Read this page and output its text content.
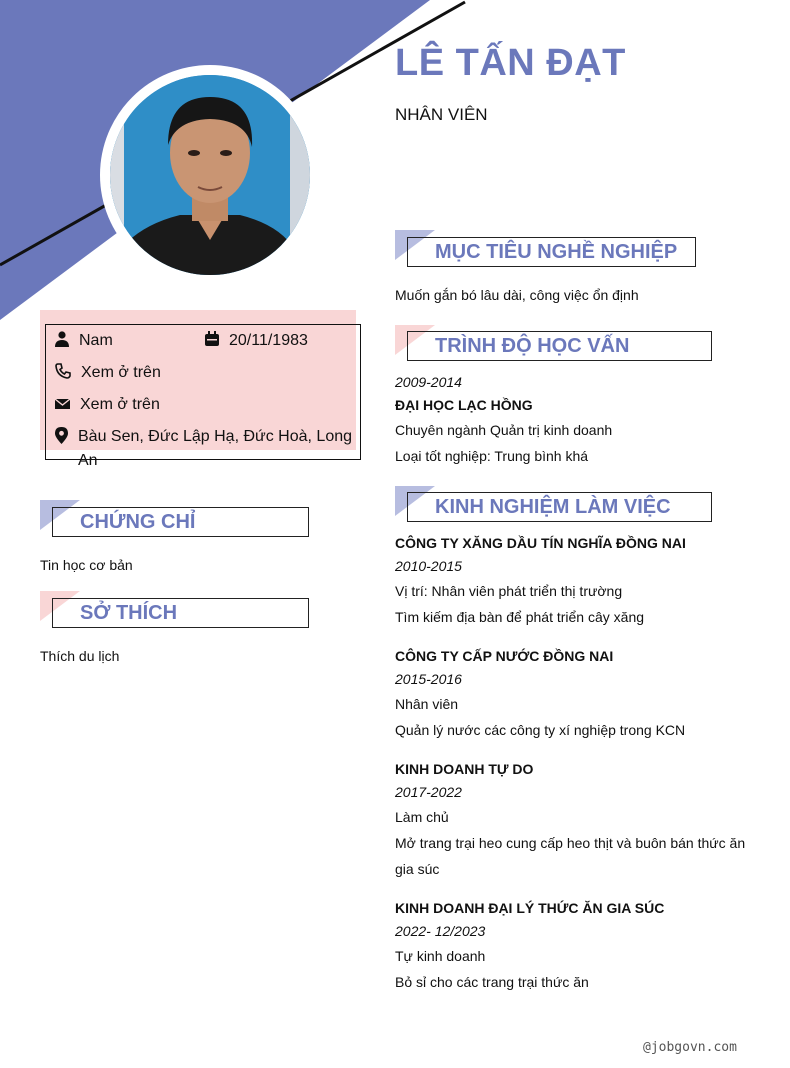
LÊ TẤN ĐẠT
NHÂN VIÊN
Nam	20/11/1983
Xem ở trên
Xem ở trên
Bàu Sen, Đức Lập Hạ, Đức Hoà, Long
An
CHỨNG CHỈ
Tin học cơ bản
SỞ THÍCH
Thích du lịch
MỤC TIÊU NGHỀ NGHIỆP
Muốn gắn bó lâu dài, công việc ổn định
TRÌNH ĐỘ HỌC VẤN
2009-2014
ĐẠI HỌC LẠC HỒNG
Chuyên ngành Quản trị kinh doanh
Loại tốt nghiệp: Trung bình khá
KINH NGHIỆM LÀM VIỆC
CÔNG TY XĂNG DẦU TÍN NGHĨA ĐỒNG NAI
2010-2015
Vị trí: Nhân viên phát triển thị trường
Tìm kiếm địa bàn để phát triển cây xăng
CÔNG TY CẤP NƯỚC ĐỒNG NAI
2015-2016
Nhân viên
Quản lý nước các công ty xí nghiệp trong KCN
KINH DOANH TỰ DO
2017-2022
Làm chủ
Mở trang trại heo cung cấp heo thịt và buôn bán thức ăn
gia súc
KINH DOANH ĐẠI LÝ THỨC ĂN GIA SÚC
2022- 12/2023
Tự kinh doanh
Bỏ sỉ cho các trang trại thức ăn
@jobgovn.com
